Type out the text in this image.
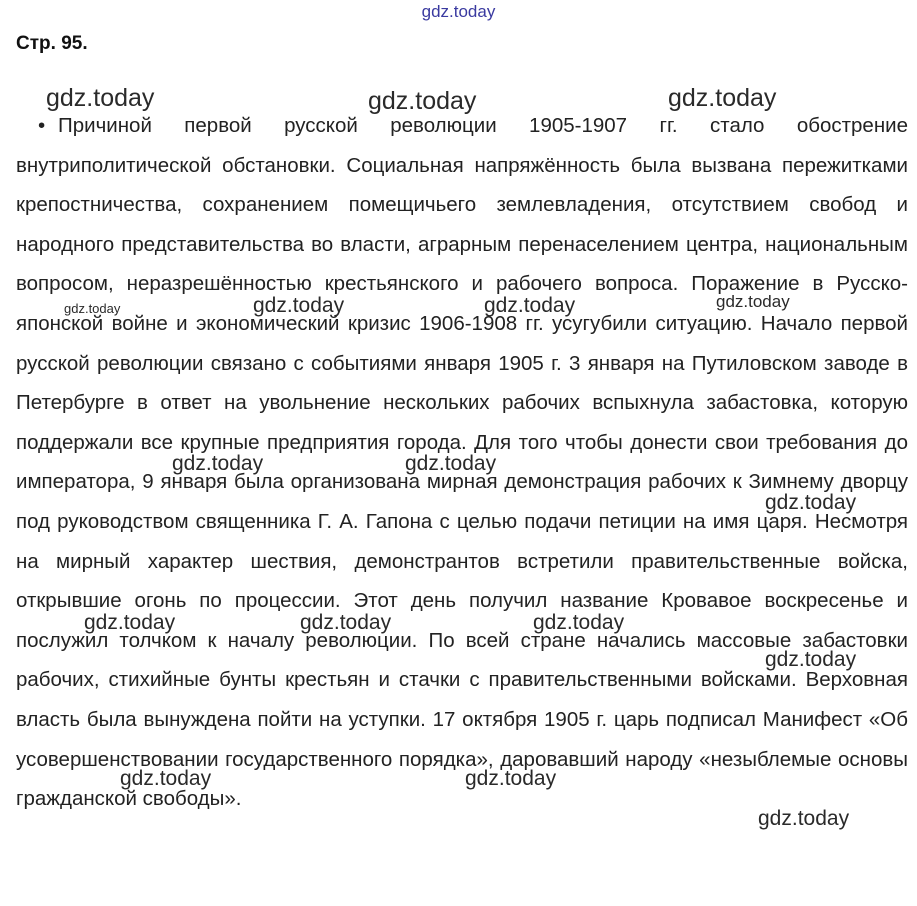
gdz.today
Стр. 95.

• Причиной первой русской революции 1905-1907 гг. стало обострение внутриполитической обстановки. Социальная напряжённость была вызвана пережитками крепостничества, сохранением помещичьего землевладения, отсутствием свобод и народного представительства во власти, аграрным перенаселением центра, национальным вопросом, неразрешённостью крестьянского и рабочего вопроса. Поражение в Русско-японской войне и экономический кризис 1906-1908 гг. усугубили ситуацию. Начало первой русской революции связано с событиями января 1905 г. 3 января на Путиловском заводе в Петербурге в ответ на увольнение нескольких рабочих вспыхнула забастовка, которую поддержали все крупные предприятия города. Для того чтобы донести свои требования до императора, 9 января была организована мирная демонстрация рабочих к Зимнему дворцу под руководством священника Г. А. Гапона с целью подачи петиции на имя царя. Несмотря на мирный характер шествия, демонстрантов встретили правительственные войска, открывшие огонь по процессии. Этот день получил название Кровавое воскресенье и послужил толчком к началу революции. По всей стране начались массовые забастовки рабочих, стихийные бунты крестьян и стачки с правительственными войсками. Верховная власть была вынуждена пойти на уступки. 17 октября 1905 г. царь подписал Манифест «Об усовершенствовании государственного порядка», даровавший народу «незыблемые основы гражданской свободы».

gdz.today	gdz.today	gdz.today
gdz.today	gdz.today	gdz.today	gdz.today
gdz.today	gdz.today
gdz.today
gdz.today	gdz.today	gdz.today
gdz.today
gdz.today	gdz.today
gdz.today
